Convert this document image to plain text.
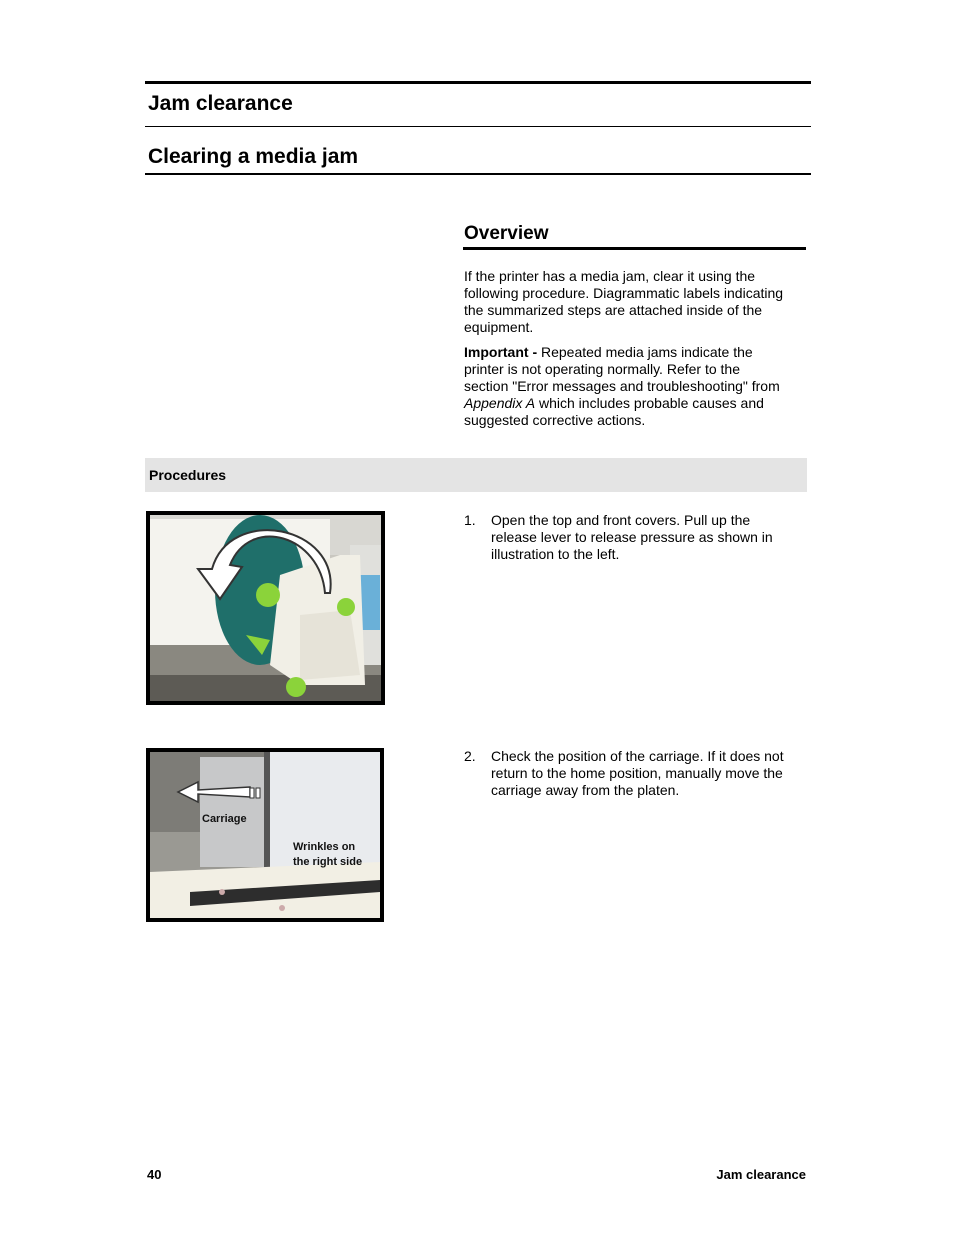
Jam clearance
Clearing a media jam
Overview
If the printer has a media jam, clear it using the
following procedure. Diagrammatic labels indicating
the summarized steps are attached inside of the
equipment.
Important - Repeated media jams indicate the
printer is not operating normally. Refer to the
section "Error messages and troubleshooting" from
Appendix A which includes probable causes and
suggested corrective actions.
Procedures
1. Open the top and front covers. Pull up the
release lever to release pressure as shown in
illustration to the left.
Carriage
Wrinkles on
the right side
2. Check the position of the carriage. If it does not
return to the home position, manually move the
carriage away from the platen.
40	Jam clearance
